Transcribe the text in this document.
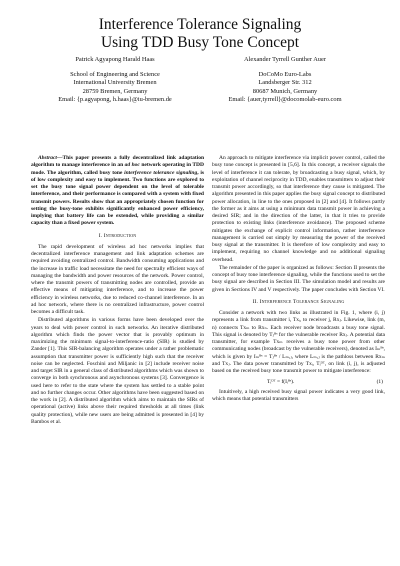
Interference Tolerance Signaling
Using TDD Busy Tone Concept
Patrick Agyapong Harald Haas
School of Engineering and Science
International University Bremen
28759 Bremen, Germany
Email: {p.agyapong, h.haas}@iu-bremen.de
Alexander Tyrrell Gunther Auer
DoCoMo Euro-Labs
Landsberger Str. 312
80687 Munich, Germany
Email: {auer,tyrrell}@docomolab-euro.com

Abstract—This paper presents a fully decentralized link adaptation algorithm to manage interference in an ad hoc network operating in TDD mode. The algorithm, called busy tone interference tolerance signaling, is of low complexity and easy to implement. Two functions are explored to set the busy tone signal power dependent on the level of tolerable interference, and their performance is compared with a system with fixed transmit powers. Results show that an appropriately chosen function for setting the busy-tone exhibits significantly enhanced power efficiency, implying that battery life can be extended, while providing a similar capacity than a fixed power system.

I. Introduction

The rapid development of wireless ad hoc networks implies that decentralized interference management and link adaptation schemes are required avoiding centralized control. Bandwidth consuming applications and the increase in traffic load necessitate the need for spectrally efficient ways of managing the bandwidth and power resources of the network. Power control, where the transmit powers of transmitting nodes are controlled, provide an effective means of mitigating interference, and to increase the power efficiency in wireless networks, due to reduced co-channel interference. In an ad hoc network, where there is no centralized infrastructure, power control becomes a difficult task.

Distributed algorithms in various forms have been developed over the years to deal with power control in such networks. An iterative distributed algorithm which finds the power vector that is provably optimum in maximizing the minimum signal-to-interference-ratio (SIR) is studied by Zander [1]. This SIR-balancing algorithm operates under a rather problematic assumption that transmitter power is sufficiently high such that the receiver noise can be neglected. Foschini and Miljanic in [2] include receiver noise and target SIR in a general class of distributed algorithms which was shown to converge in both synchronous and asynchronous systems [3]. Convergence is used here to refer to the state where the system has settled to a stable point and no further changes occur. Other algorithms have been suggested based on the work in [2]. A distributed algorithm which aims to maintain the SIRs of operational (active) links above their required thresholds at all times (link quality protection), while new users are being admitted is presented in [4] by Bambos et al.

An approach to mitigate interference via implicit power control, called the busy tone concept is presented in [5,6]. In this concept, a receiver signals the level of interference it can tolerate, by broadcasting a busy signal, which, by exploitation of channel reciprocity in TDD, enables transmitters to adjust their transmit power accordingly, so that interference they cause is mitigated. The algorithm presented in this paper applies the busy signal concept to distributed power allocation, in line to the ones proposed in [2] and [4]. It follows partly the former as it aims at using a minimum data transmit power in achieving a desired SIR; and in the direction of the latter, in that it tries to provide protection to existing links (interference avoidance). The proposed scheme mitigates the exchange of explicit control information, rather interference management is carried out simply by measuring the power of the received busy signal at the transmitter. It is therefore of low complexity and easy to implement, requiring no channel knowledge and no additional signaling overhead.

The remainder of the paper is organized as follows: Section II presents the concept of busy tone interference signaling, while the functions used to set the busy signal are described in Section III. The simulation model and results are given in Sections IV and V respectively. The paper concludes with Section VI.

II. Interference Tolerance Signaling

Consider a network with two links as illustrated in Fig. 1, where (i, j) represents a link from transmitter i, Txᵢ, to receiver j, Rxⱼ. Likewise, link (m, n) connects Txₘ to Rxₙ. Each receiver node broadcasts a busy tone signal. This signal is denoted by Tⱼᴮˢ for the vulnerable receiver Rxⱼ. A potential data transmitter, for example Txₘ receives a busy tone power from other communicating nodes (broadcast by the vulnerable receivers), denoted as Iₘᴮˢ, which is given by Iₘᴮˢ = Tⱼᴮˢ / Lₘ,ⱼ, where Lₘ,ⱼ is the pathloss between Rxₘ and Txⱼ. The data power transmitted by Txᵢ, Tᵢᴰᵀ, on link (i, j), is adjusted based on the received busy tone transmit power to mitigate interference:

Tᵢᴰᵀ = f(Iᵢᴮˢ).	(1)

Intuitively, a high received busy signal power indicates a very good link, which means that potential transmitters
